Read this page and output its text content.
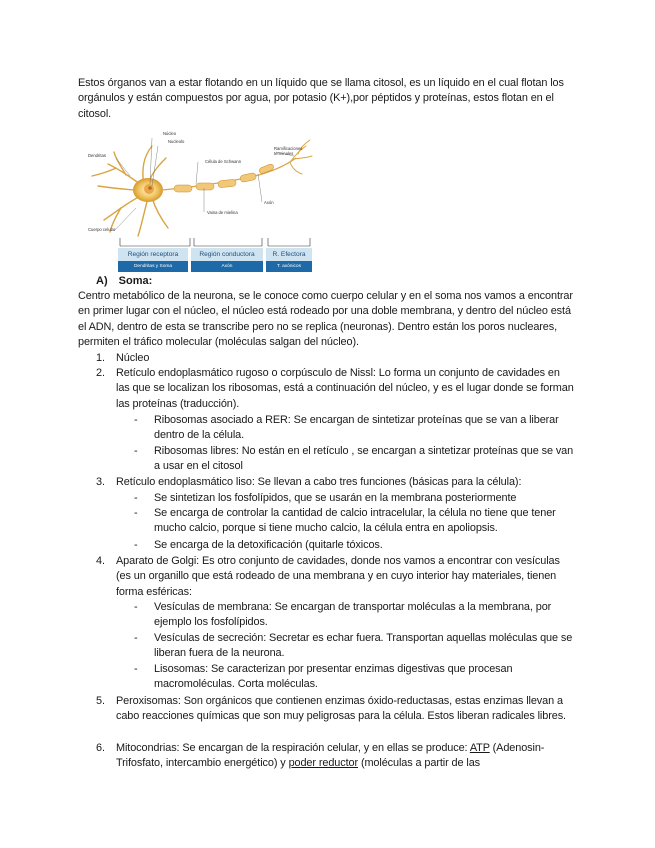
Estos órganos van a estar flotando en un líquido que se llama citosol, es un líquido en el cual flotan los orgánulos y están compuestos por agua, por potasio (K+),por péptidos y proteínas, estos flotan en el citosol.
Núcleo
Nucleolo
Dendritas
Célula de Schwann
Ramificaciones terminales
Axón
Vaina de mielina
Cuerpo celular
Región receptora
Dendritas y Soma
Región conductora
Axón
R. Efectora
T. axónicos
A) Soma:
Centro metabólico de la neurona, se le conoce como cuerpo celular y en el soma nos vamos a encontrar en primer lugar con el núcleo, el núcleo está rodeado por una doble membrana, y dentro del núcleo está el ADN, dentro de esta se transcribe pero no se replica (neuronas). Dentro están los poros nucleares, permiten el tráfico molecular (moléculas salgan del núcleo).
1. Núcleo
2. Retículo endoplasmático rugoso o corpúsculo de Nissl: Lo forma un conjunto de cavidades en las que se localizan los ribosomas, está a continuación del núcleo, y es el lugar donde se forman las proteínas (traducción).
- Ribosomas asociado a RER: Se encargan de sintetizar proteínas que se van a liberar dentro de la célula.
- Ribosomas libres: No están en el retículo , se encargan a sintetizar proteínas que se van a usar en el citosol
3. Retículo endoplasmático liso: Se llevan a cabo tres funciones (básicas para la célula):
- Se sintetizan los fosfolípidos, que se usarán en la membrana posteriormente
- Se encarga de controlar la cantidad de calcio intracelular, la célula no tiene que tener mucho calcio, porque si tiene mucho calcio, la célula entra en apoliopsis.
- Se encarga de la detoxificación (quitarle tóxicos.
4. Aparato de Golgi: Es otro conjunto de cavidades, donde nos vamos a encontrar con vesículas (es un organillo que está rodeado de una membrana y en cuyo interior hay materiales, tienen forma esféricas:
- Vesículas de membrana: Se encargan de transportar moléculas a la membrana, por ejemplo los fosfolípidos.
- Vesículas de secreción: Secretar es echar fuera. Transportan aquellas moléculas que se liberan fuera de la neurona.
- Lisosomas: Se caracterizan por presentar enzimas digestivas que procesan macromoléculas. Corta moléculas.
5. Peroxisomas: Son orgánicos que contienen enzimas óxido-reductasas, estas enzimas llevan a cabo reacciones químicas que son muy peligrosas para la célula. Estos liberan radicales libres.
6. Mitocondrias: Se encargan de la respiración celular, y en ellas se produce: ATP (Adenosin-Trifosfato, intercambio energético) y poder reductor (moléculas a partir de las
